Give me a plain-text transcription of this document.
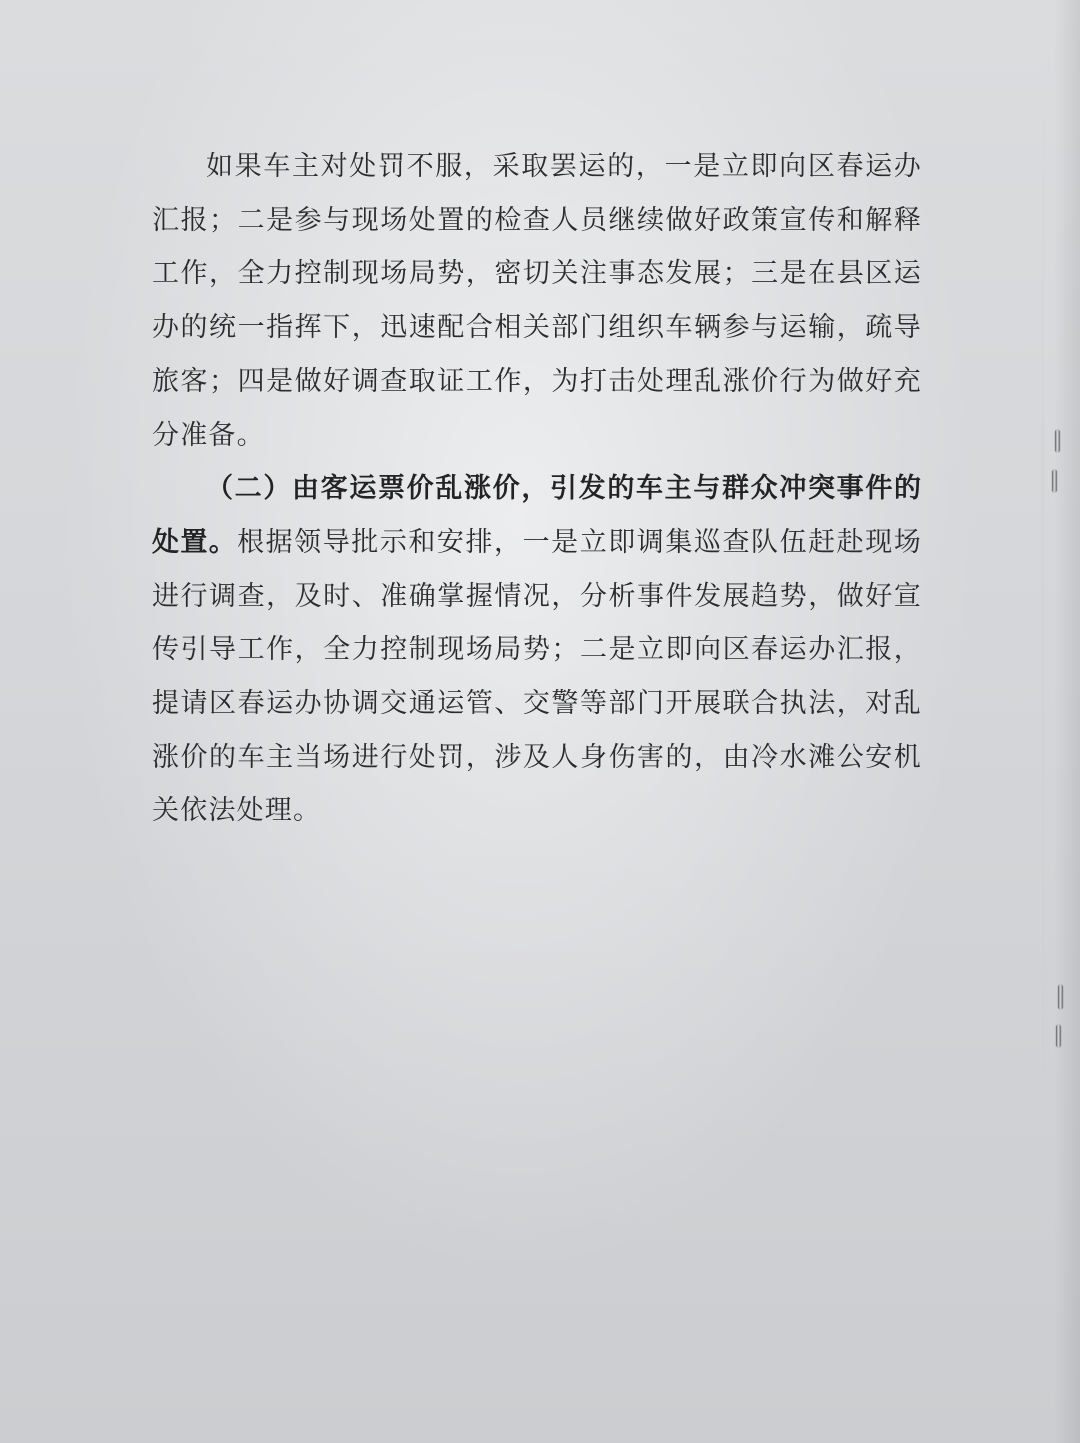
如果车主对处罚不服，采取罢运的，一是立即向区春运办汇报；二是参与现场处置的检查人员继续做好政策宣传和解释工作，全力控制现场局势，密切关注事态发展；三是在县区运办的统一指挥下，迅速配合相关部门组织车辆参与运输，疏导旅客；四是做好调查取证工作，为打击处理乱涨价行为做好充分准备。

（二）由客运票价乱涨价，引发的车主与群众冲突事件的处置。根据领导批示和安排，一是立即调集巡查队伍赶赴现场进行调查，及时、准确掌握情况，分析事件发展趋势，做好宣传引导工作，全力控制现场局势；二是立即向区春运办汇报，提请区春运办协调交通运管、交警等部门开展联合执法，对乱涨价的车主当场进行处罚，涉及人身伤害的，由冷水滩公安机关依法处理。
